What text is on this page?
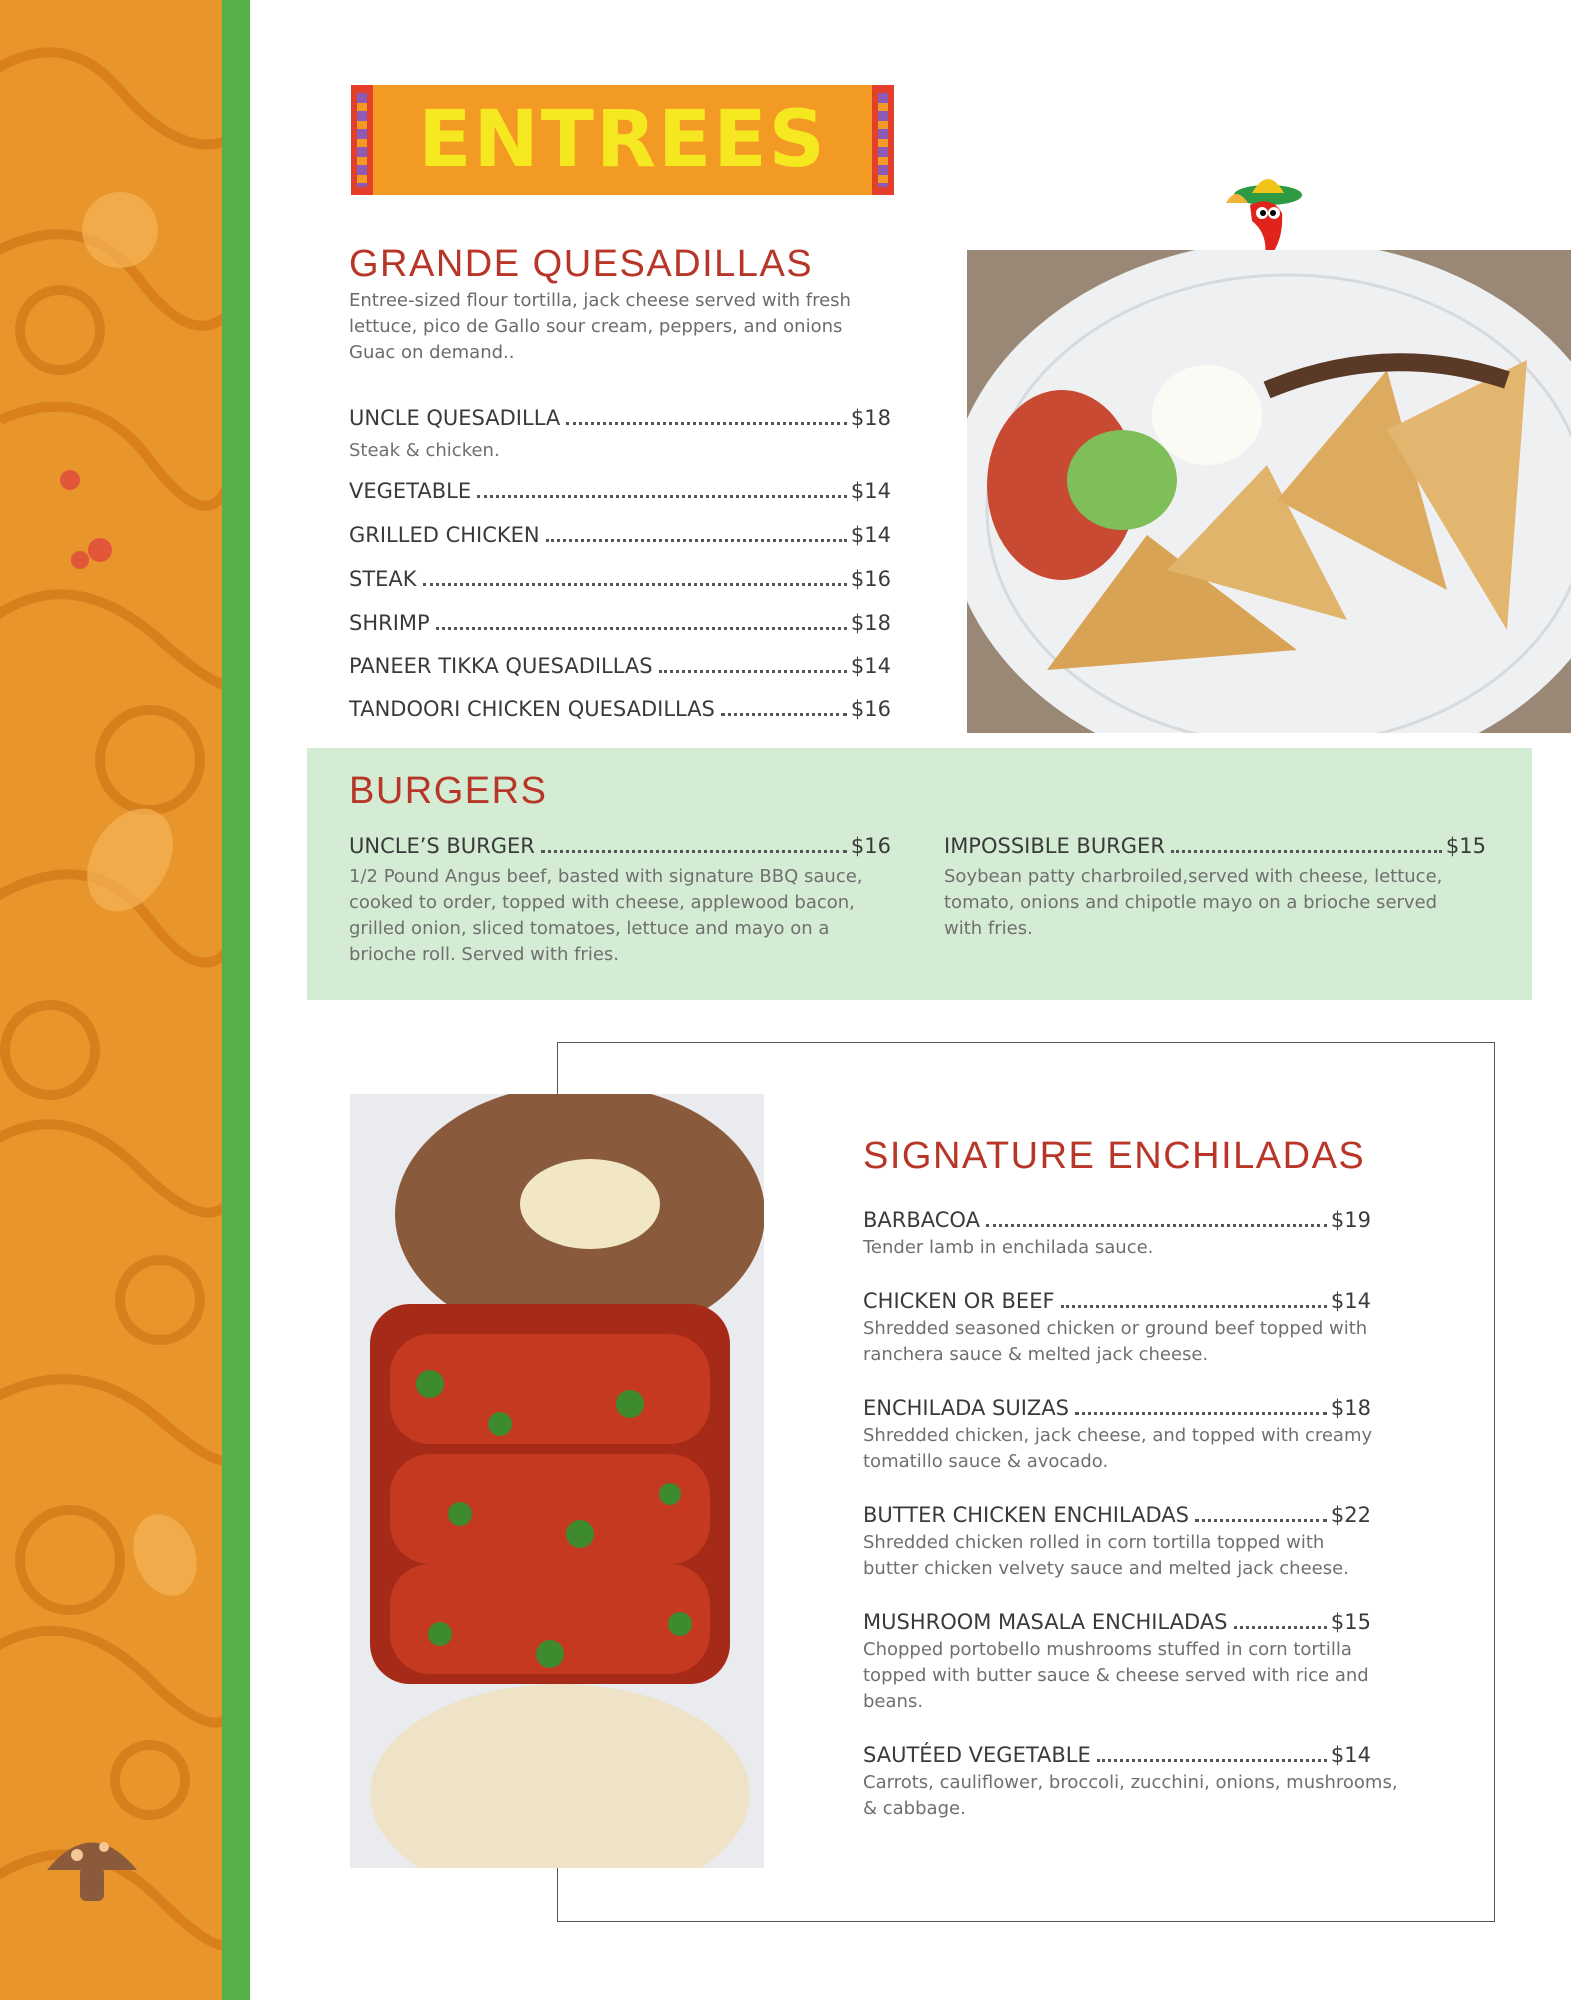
ENTREES
GRANDE QUESADILLAS
Entree-sized flour tortilla, jack cheese served with fresh
lettuce, pico de Gallo sour cream, peppers, and onions
Guac on demand..
UNCLE QUESADILLA	$18
Steak & chicken.
VEGETABLE	$14
GRILLED CHICKEN	$14
STEAK	$16
SHRIMP	$18
PANEER TIKKA QUESADILLAS	$14
TANDOORI CHICKEN QUESADILLAS	$16
BURGERS
UNCLE’S BURGER	$16
1/2 Pound Angus beef, basted with signature BBQ sauce,
cooked to order, topped with cheese, applewood bacon,
grilled onion, sliced tomatoes, lettuce and mayo on a
brioche roll. Served with fries.
IMPOSSIBLE BURGER	$15
Soybean patty charbroiled,served with cheese, lettuce,
tomato, onions and chipotle mayo on a brioche served
with fries.
SIGNATURE ENCHILADAS
BARBACOA	$19
Tender lamb in enchilada sauce.
CHICKEN OR BEEF	$14
Shredded seasoned chicken or ground beef topped with
ranchera sauce & melted jack cheese.
ENCHILADA SUIZAS	$18
Shredded chicken, jack cheese, and topped with creamy
tomatillo sauce & avocado.
BUTTER CHICKEN ENCHILADAS	$22
Shredded chicken rolled in corn tortilla topped with
butter chicken velvety sauce and melted jack cheese.
MUSHROOM MASALA ENCHILADAS	$15
Chopped portobello mushrooms stuffed in corn tortilla
topped with butter sauce & cheese served with rice and
beans.
SAUTÉED VEGETABLE	$14
Carrots, cauliflower, broccoli, zucchini, onions, mushrooms,
& cabbage.
